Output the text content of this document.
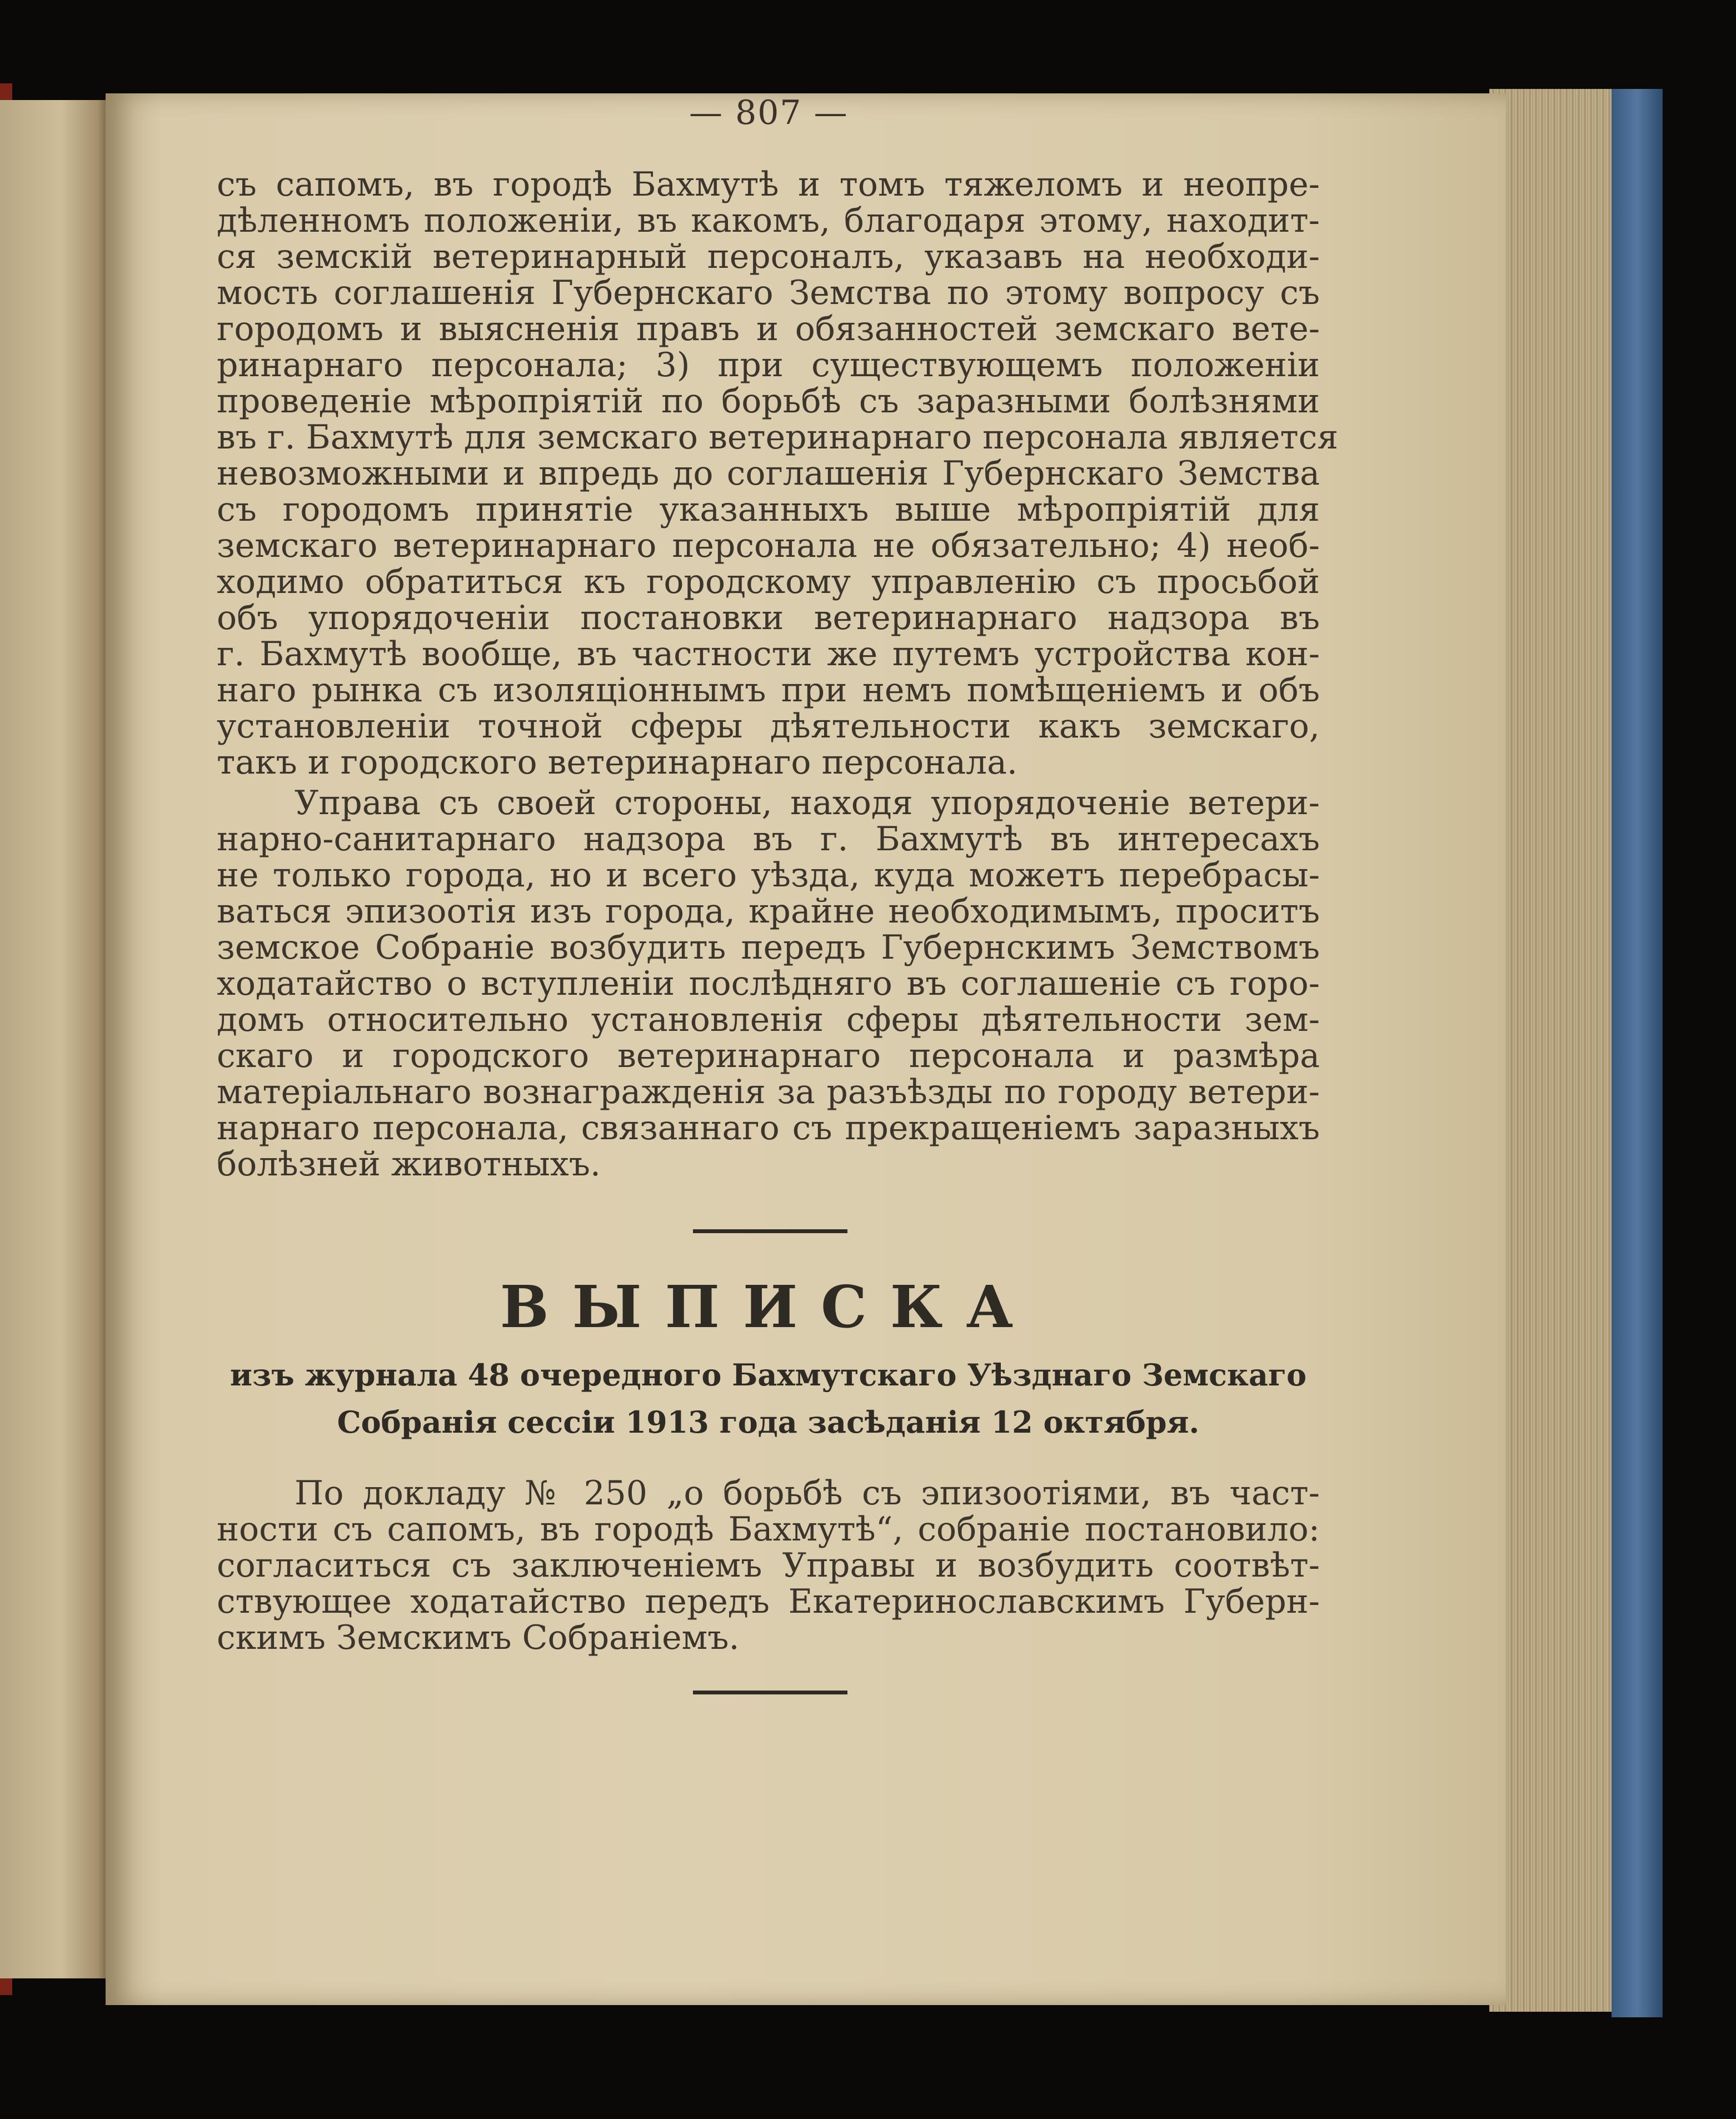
— 807 —

съ сапомъ, въ городѣ Бахмутѣ и томъ тяжеломъ и неопре-
дѣленномъ положеніи, въ какомъ, благодаря этому, находит-
ся земскій ветеринарный персоналъ, указавъ на необходи-
мость соглашенія Губернскаго Земства по этому вопросу съ
городомъ и выясненія правъ и обязанностей земскаго вете-
ринарнаго персонала; 3) при существующемъ положеніи
проведеніе мѣропріятій по борьбѣ съ заразными болѣзнями
въ г. Бахмутѣ для земскаго ветеринарнаго персонала является
невозможными и впредь до соглашенія Губернскаго Земства
съ городомъ принятіе указанныхъ выше мѣропріятій для
земскаго ветеринарнаго персонала не обязательно; 4) необ-
ходимо обратиться къ городскому управленію съ просьбой
объ упорядоченіи постановки ветеринарнаго надзора въ
г. Бахмутѣ вообще, въ частности же путемъ устройства кон-
наго рынка съ изоляціоннымъ при немъ помѣщеніемъ и объ
установленіи точной сферы дѣятельности какъ земскаго,
такъ и городского ветеринарнаго персонала.

Управа съ своей стороны, находя упорядоченіе ветери-
нарно-санитарнаго надзора въ г. Бахмутѣ въ интересахъ
не только города, но и всего уѣзда, куда можетъ перебрасы-
ваться эпизоотія изъ города, крайне необходимымъ, проситъ
земское Собраніе возбудить передъ Губернскимъ Земствомъ
ходатайство о вступленіи послѣдняго въ соглашеніе съ горо-
домъ относительно установленія сферы дѣятельности зем-
скаго и городского ветеринарнаго персонала и размѣра
матеріальнаго вознагражденія за разъѣзды по городу ветери-
нарнаго персонала, связаннаго съ прекращеніемъ заразныхъ
болѣзней животныхъ.

ВЫПИСКА
изъ журнала 48 очередного Бахмутскаго Уѣзднаго Земскаго
Собранія сессіи 1913 года засѣданія 12 октября.

По докладу № 250 „о борьбѣ съ эпизоотіями, въ част-
ности съ сапомъ, въ городѣ Бахмутѣ“, собраніе постановило:
согласиться съ заключеніемъ Управы и возбудить соотвѣт-
ствующее ходатайство передъ Екатеринославскимъ Губерн-
скимъ Земскимъ Собраніемъ.
